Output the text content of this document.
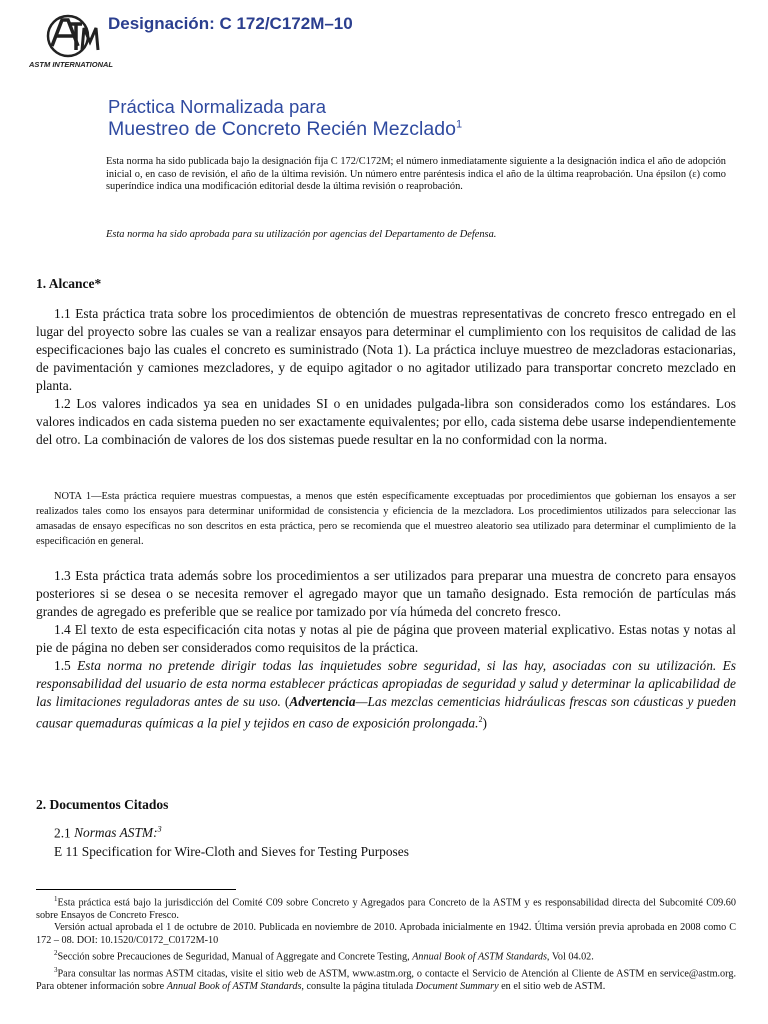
ASTM INTERNATIONAL
Designación: C 172/C172M–10
Práctica Normalizada para
Muestreo de Concreto Recién Mezclado$^1$
Esta norma ha sido publicada bajo la designación fija C 172/C172M; el número inmediatamente siguiente a la designación indica el año de adopción inicial o, en caso de revisión, el año de la última revisión. Un número entre paréntesis indica el año de la última reaprobación. Una épsilon (ε) como superíndice indica una modificación editorial desde la última revisión o reaprobación.
Esta norma ha sido aprobada para su utilización por agencias del Departamento de Defensa.
1. Alcance*

1.1 Esta práctica trata sobre los procedimientos de obtención de muestras representativas de concreto fresco entregado en el lugar del proyecto sobre las cuales se van a realizar ensayos para determinar el cumplimiento con los requisitos de calidad de las especificaciones bajo las cuales el concreto es suministrado (Nota 1). La práctica incluye muestreo de mezcladoras estacionarias, de pavimentación y camiones mezcladores, y de equipo agitador o no agitador utilizado para transportar concreto mezclado en planta.

1.2 Los valores indicados ya sea en unidades SI o en unidades pulgada-libra son considerados como los estándares. Los valores indicados en cada sistema pueden no ser exactamente equivalentes; por ello, cada sistema debe usarse independientemente del otro. La combinación de valores de los dos sistemas puede resultar en la no conformidad con la norma.

NOTA 1—Esta práctica requiere muestras compuestas, a menos que estén específicamente exceptuadas por procedimientos que gobiernan los ensayos a ser realizados tales como los ensayos para determinar uniformidad de consistencia y eficiencia de la mezcladora. Los procedimientos utilizados para seleccionar las amasadas de ensayo específicas no son descritos en esta práctica, pero se recomienda que el muestreo aleatorio sea utilizado para determinar el cumplimiento de la especificación en general.

1.3 Esta práctica trata además sobre los procedimientos a ser utilizados para preparar una muestra de concreto para ensayos posteriores si se desea o se necesita remover el agregado mayor que un tamaño designado. Esta remoción de partículas más grandes de agregado es preferible que se realice por tamizado por vía húmeda del concreto fresco.

1.4 El texto de esta especificación cita notas y notas al pie de página que proveen material explicativo. Estas notas y notas al pie de página no deben ser considerados como requisitos de la práctica.

1.5 Esta norma no pretende dirigir todas las inquietudes sobre seguridad, si las hay, asociadas con su utilización. Es responsabilidad del usuario de esta norma establecer prácticas apropiadas de seguridad y salud y determinar la aplicabilidad de las limitaciones reguladoras antes de su uso. (Advertencia—Las mezclas cementicias hidráulicas frescas son cáusticas y pueden causar quemaduras químicas a la piel y tejidos en caso de exposición prolongada.$^2$)

2. Documentos Citados
2.1 Normas ASTM:$^3$
E 11 Specification for Wire-Cloth and Sieves for Testing Purposes

$^1$Esta práctica está bajo la jurisdicción del Comité C09 sobre Concreto y Agregados para Concreto de la ASTM y es responsabilidad directa del Subcomité C09.60 sobre Ensayos de Concreto Fresco.

Versión actual aprobada el 1 de octubre de 2010. Publicada en noviembre de 2010. Aprobada inicialmente en 1942. Última versión previa aprobada en 2008 como C 172 – 08. DOI: 10.1520/C0172_C0172M-10

$^2$Sección sobre Precauciones de Seguridad, Manual of Aggregate and Concrete Testing, Annual Book of ASTM Standards, Vol 04.02.

$^3$Para consultar las normas ASTM citadas, visite el sitio web de ASTM, www.astm.org, o contacte el Servicio de Atención al Cliente de ASTM en service@astm.org. Para obtener información sobre Annual Book of ASTM Standards, consulte la página titulada Document Summary en el sitio web de ASTM.
